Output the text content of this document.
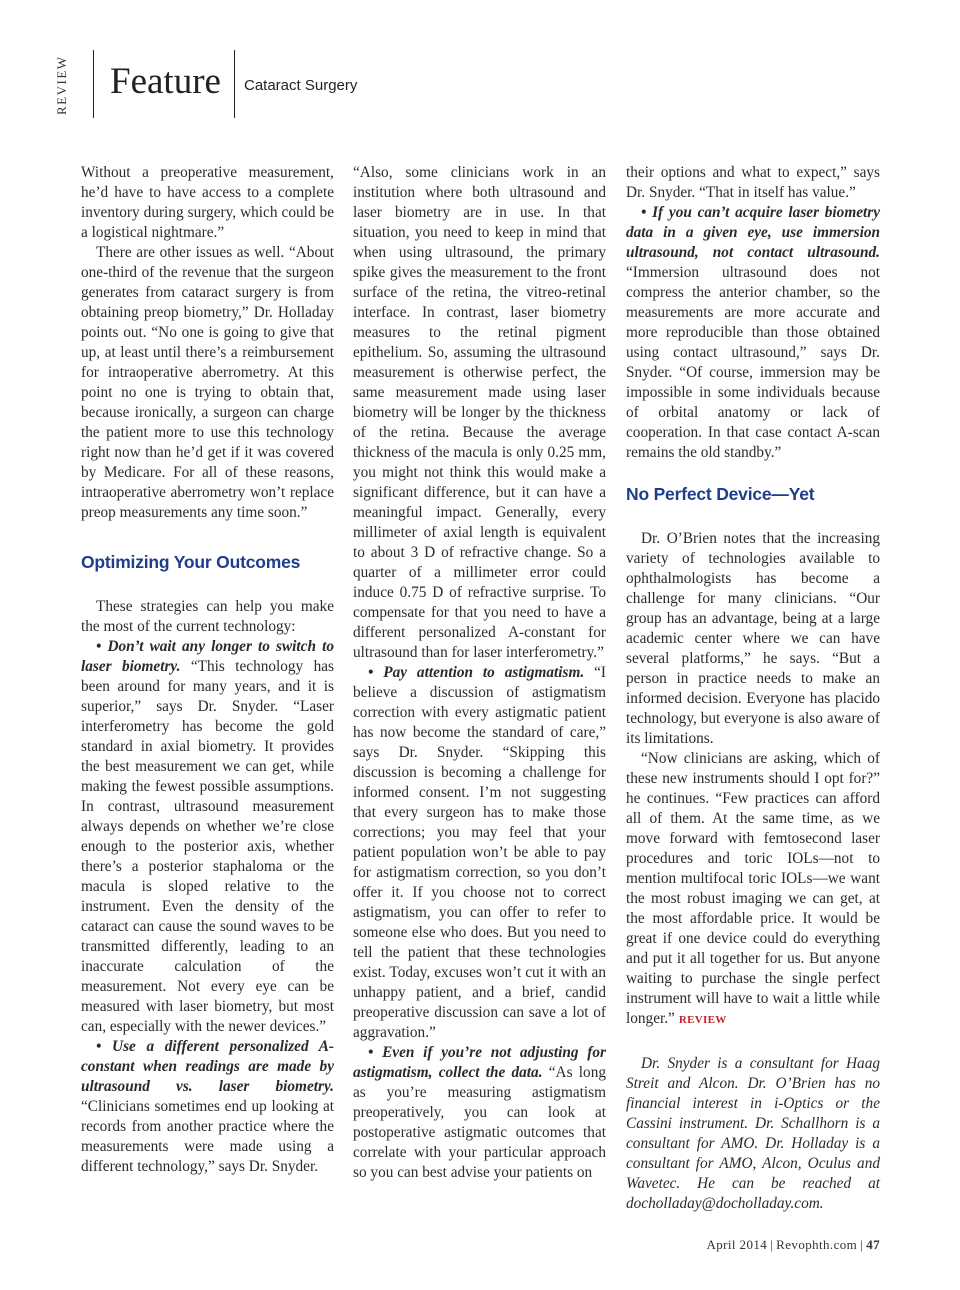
REVIEW Feature Cataract Surgery

Without a preoperative measurement, he’d have to have access to a complete inventory during surgery, which could be a logistical nightmare.”

There are other issues as well. “About one-third of the revenue that the surgeon generates from cataract surgery is from obtaining preop biometry,” Dr. Holladay points out. “No one is going to give that up, at least until there’s a reimbursement for intraoperative aberrometry. At this point no one is trying to obtain that, because ironically, a surgeon can charge the patient more to use this technology right now than he’d get if it was covered by Medicare. For all of these reasons, intraoperative aberrometry won’t replace preop measurements any time soon.”

Optimizing Your Outcomes

These strategies can help you make the most of the current technology:

• Don’t wait any longer to switch to laser biometry. “This technology has been around for many years, and it is superior,” says Dr. Snyder. “Laser interferometry has become the gold standard in axial biometry. It provides the best measurement we can get, while making the fewest possible assumptions. In contrast, ultrasound measurement always depends on whether we’re close enough to the posterior axis, whether there’s a posterior staphaloma or the macula is sloped relative to the instrument. Even the density of the cataract can cause the sound waves to be transmitted differently, leading to an inaccurate calculation of the measurement. Not every eye can be measured with laser biometry, but most can, especially with the newer devices.”

• Use a different personalized A-constant when readings are made by ultrasound vs. laser biometry. “Clinicians sometimes end up looking at records from another practice where the measurements were made using a different technology,” says Dr. Snyder.

“Also, some clinicians work in an institution where both ultrasound and laser biometry are in use. In that situation, you need to keep in mind that when using ultrasound, the primary spike gives the measurement to the front surface of the retina, the vitreo-retinal interface. In contrast, laser biometry measures to the retinal pigment epithelium. So, assuming the ultrasound measurement is otherwise perfect, the same measurement made using laser biometry will be longer by the thickness of the retina. Because the average thickness of the macula is only 0.25 mm, you might not think this would make a significant difference, but it can have a meaningful impact. Generally, every millimeter of axial length is equivalent to about 3 D of refractive change. So a quarter of a millimeter error could induce 0.75 D of refractive surprise. To compensate for that you need to have a different personalized A-constant for ultrasound than for laser interferometry.”

• Pay attention to astigmatism. “I believe a discussion of astigmatism correction with every astigmatic patient has now become the standard of care,” says Dr. Snyder. “Skipping this discussion is becoming a challenge for informed consent. I’m not suggesting that every surgeon has to make those corrections; you may feel that your patient population won’t be able to pay for astigmatism correction, so you don’t offer it. If you choose not to correct astigmatism, you can offer to refer to someone else who does. But you need to tell the patient that these technologies exist. Today, excuses won’t cut it with an unhappy patient, and a brief, candid preoperative discussion can save a lot of aggravation.”

• Even if you’re not adjusting for astigmatism, collect the data. “As long as you’re measuring astigmatism preoperatively, you can look at postoperative astigmatic outcomes that correlate with your particular approach so you can best advise your patients on

their options and what to expect,” says Dr. Snyder. “That in itself has value.”

• If you can’t acquire laser biometry data in a given eye, use immersion ultrasound, not contact ultrasound. “Immersion ultrasound does not compress the anterior chamber, so the measurements are more accurate and more reproducible than those obtained using contact ultrasound,” says Dr. Snyder. “Of course, immersion may be impossible in some individuals because of orbital anatomy or lack of cooperation. In that case contact A-scan remains the old standby.”

No Perfect Device—Yet

Dr. O’Brien notes that the increasing variety of technologies available to ophthalmologists has become a challenge for many clinicians. “Our group has an advantage, being at a large academic center where we can have several platforms,” he says. “But a person in practice needs to make an informed decision. Everyone has placido technology, but everyone is also aware of its limitations.

“Now clinicians are asking, which of these new instruments should I opt for?” he continues. “Few practices can afford all of them. At the same time, as we move forward with femtosecond laser procedures and toric IOLs—not to mention multifocal toric IOLs—we want the most robust imaging we can get, at the most affordable price. It would be great if one device could do everything and put it all together for us. But anyone waiting to purchase the single perfect instrument will have to wait a little while longer.” REVIEW

Dr. Snyder is a consultant for Haag Streit and Alcon. Dr. O’Brien has no financial interest in i-Optics or the Cassini instrument. Dr. Schallhorn is a consultant for AMO. Dr. Holladay is a consultant for AMO, Alcon, Oculus and Wavetec. He can be reached at docholladay@docholladay.com.

April 2014 | Revophth.com | 47
